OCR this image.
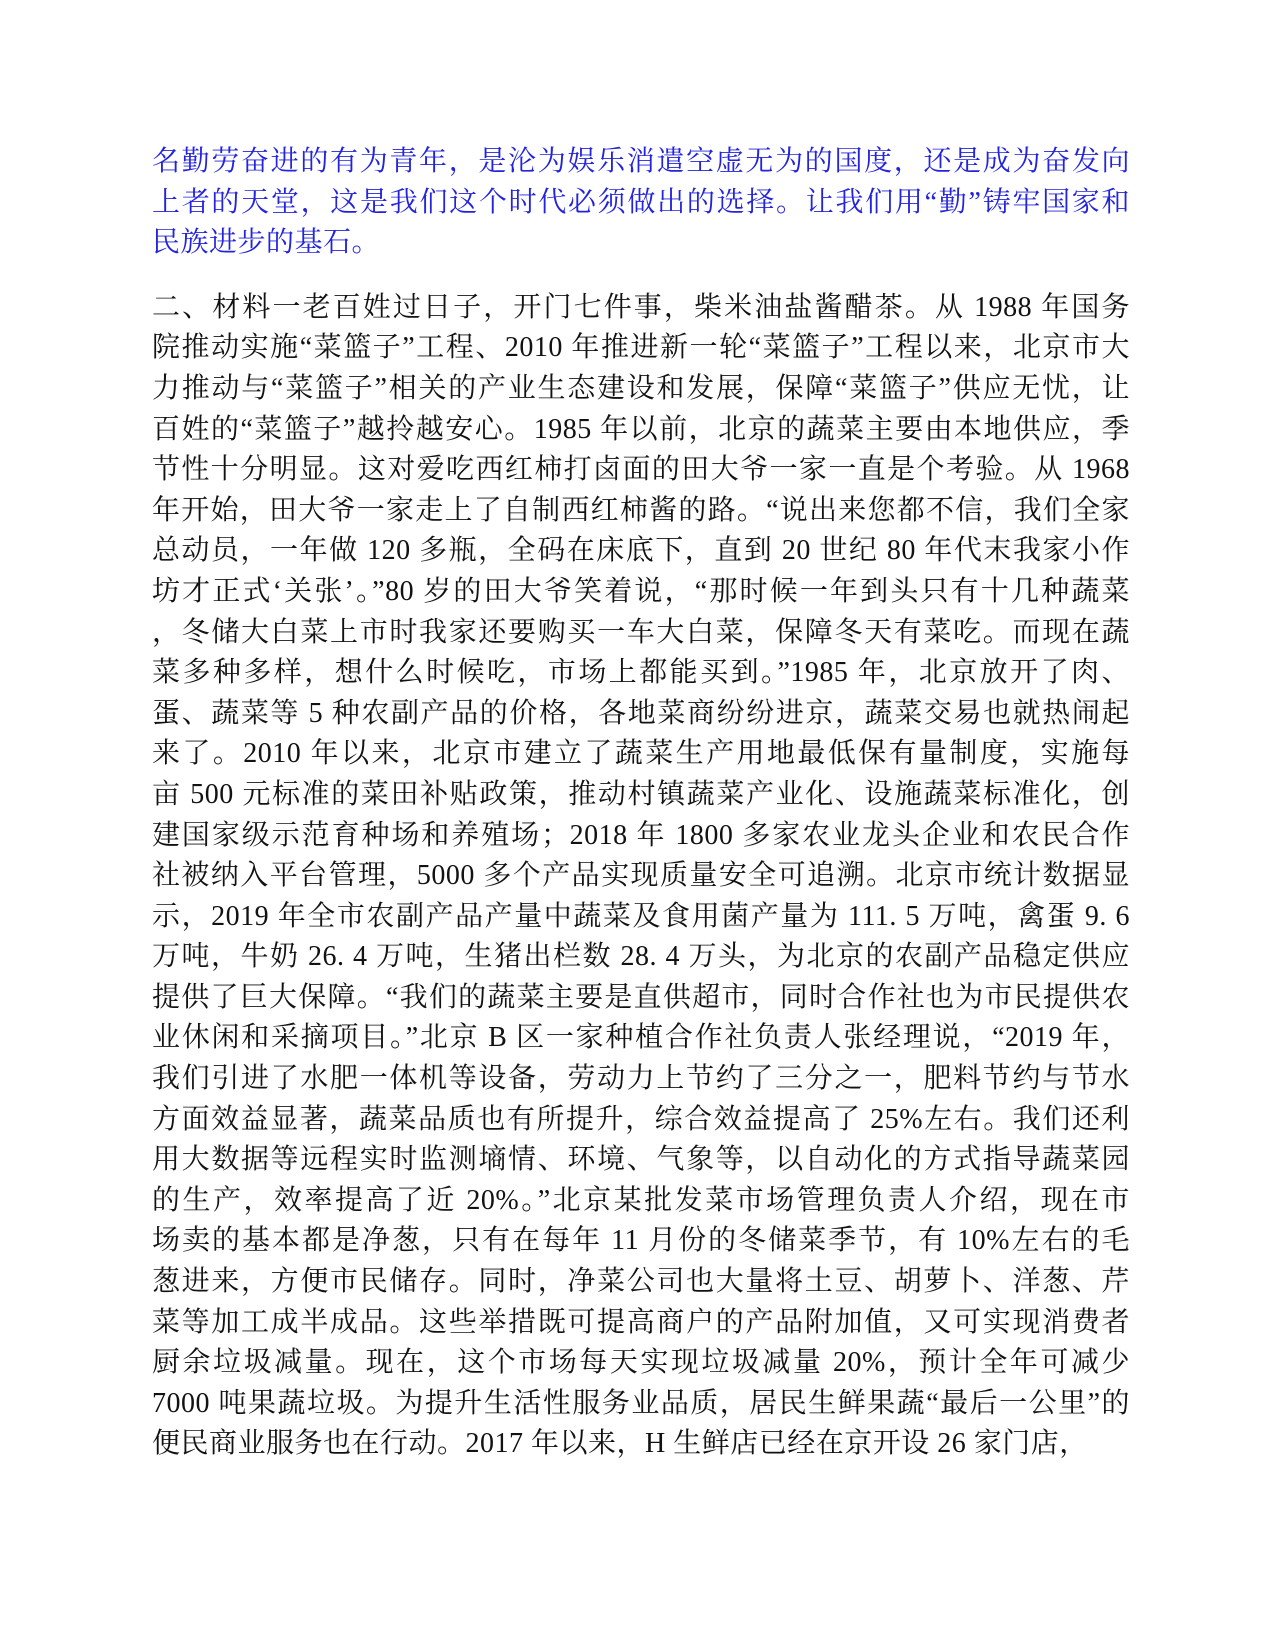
名勤劳奋进的有为青年，是沦为娱乐消遣空虚无为的国度，还是成为奋发向

上者的天堂，这是我们这个时代必须做出的选择。让我们用“勤”铸牢国家和

民族进步的基石。

二、材料一老百姓过日子，开门七件事，柴米油盐酱醋茶。从 1988 年国务

院推动实施“菜篮子”工程、2010 年推进新一轮“菜篮子”工程以来，北京市大

力推动与“菜篮子”相关的产业生态建设和发展，保障“菜篮子”供应无忧，让

百姓的“菜篮子”越拎越安心。1985 年以前，北京的蔬菜主要由本地供应，季

节性十分明显。这对爱吃西红柿打卤面的田大爷一家一直是个考验。从 1968

年开始，田大爷一家走上了自制西红柿酱的路。“说出来您都不信，我们全家

总动员，一年做 120 多瓶，全码在床底下，直到 20 世纪 80 年代末我家小作

坊才正式‘关张’。”80 岁的田大爷笑着说，“那时候一年到头只有十几种蔬菜

，冬储大白菜上市时我家还要购买一车大白菜，保障冬天有菜吃。而现在蔬

菜多种多样，想什么时候吃，市场上都能买到。”1985 年，北京放开了肉、

蛋、蔬菜等 5 种农副产品的价格，各地菜商纷纷进京，蔬菜交易也就热闹起

来了。2010 年以来，北京市建立了蔬菜生产用地最低保有量制度，实施每

亩 500 元标准的菜田补贴政策，推动村镇蔬菜产业化、设施蔬菜标准化，创

建国家级示范育种场和养殖场；2018 年 1800 多家农业龙头企业和农民合作

社被纳入平台管理，5000 多个产品实现质量安全可追溯。北京市统计数据显

示，2019 年全市农副产品产量中蔬菜及食用菌产量为 111. 5 万吨，禽蛋 9. 6

万吨，牛奶 26. 4 万吨，生猪出栏数 28. 4 万头，为北京的农副产品稳定供应

提供了巨大保障。“我们的蔬菜主要是直供超市，同时合作社也为市民提供农

业休闲和采摘项目。”北京 B 区一家种植合作社负责人张经理说，“2019 年，

我们引进了水肥一体机等设备，劳动力上节约了三分之一，肥料节约与节水

方面效益显著，蔬菜品质也有所提升，综合效益提高了 25%左右。我们还利

用大数据等远程实时监测墒情、环境、气象等，以自动化的方式指导蔬菜园

的生产，效率提高了近 20%。”北京某批发菜市场管理负责人介绍，现在市

场卖的基本都是净葱，只有在每年 11 月份的冬储菜季节，有 10%左右的毛

葱进来，方便市民储存。同时，净菜公司也大量将土豆、胡萝卜、洋葱、芹

菜等加工成半成品。这些举措既可提高商户的产品附加值，又可实现消费者

厨余垃圾减量。现在，这个市场每天实现垃圾减量 20%，预计全年可减少

7000 吨果蔬垃圾。为提升生活性服务业品质，居民生鲜果蔬“最后一公里”的

便民商业服务也在行动。2017 年以来，H 生鲜店已经在京开设 26 家门店，
